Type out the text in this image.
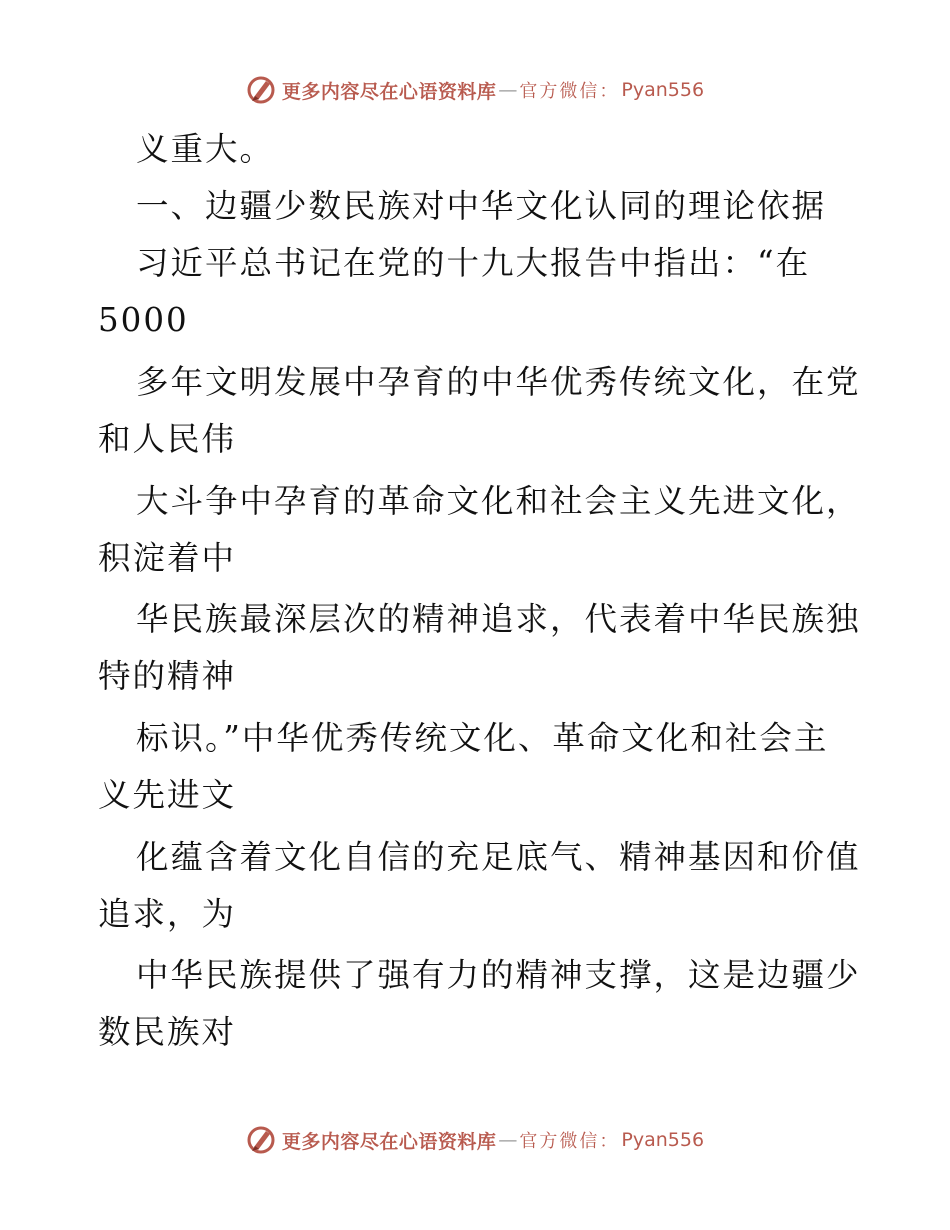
更多内容尽在心语资料库 — 官方微信： Pyan556
义重大。
一、边疆少数民族对中华文化认同的理论依据
习近平总书记在党的十九大报告中指出：“在
5000
多年文明发展中孕育的中华优秀传统文化，在党
和人民伟
大斗争中孕育的革命文化和社会主义先进文化，
积淀着中
华民族最深层次的精神追求，代表着中华民族独
特的精神
标识。”中华优秀传统文化、革命文化和社会主
义先进文
化蕴含着文化自信的充足底气、精神基因和价值
追求，为
中华民族提供了强有力的精神支撑，这是边疆少
数民族对
更多内容尽在心语资料库 — 官方微信： Pyan556
